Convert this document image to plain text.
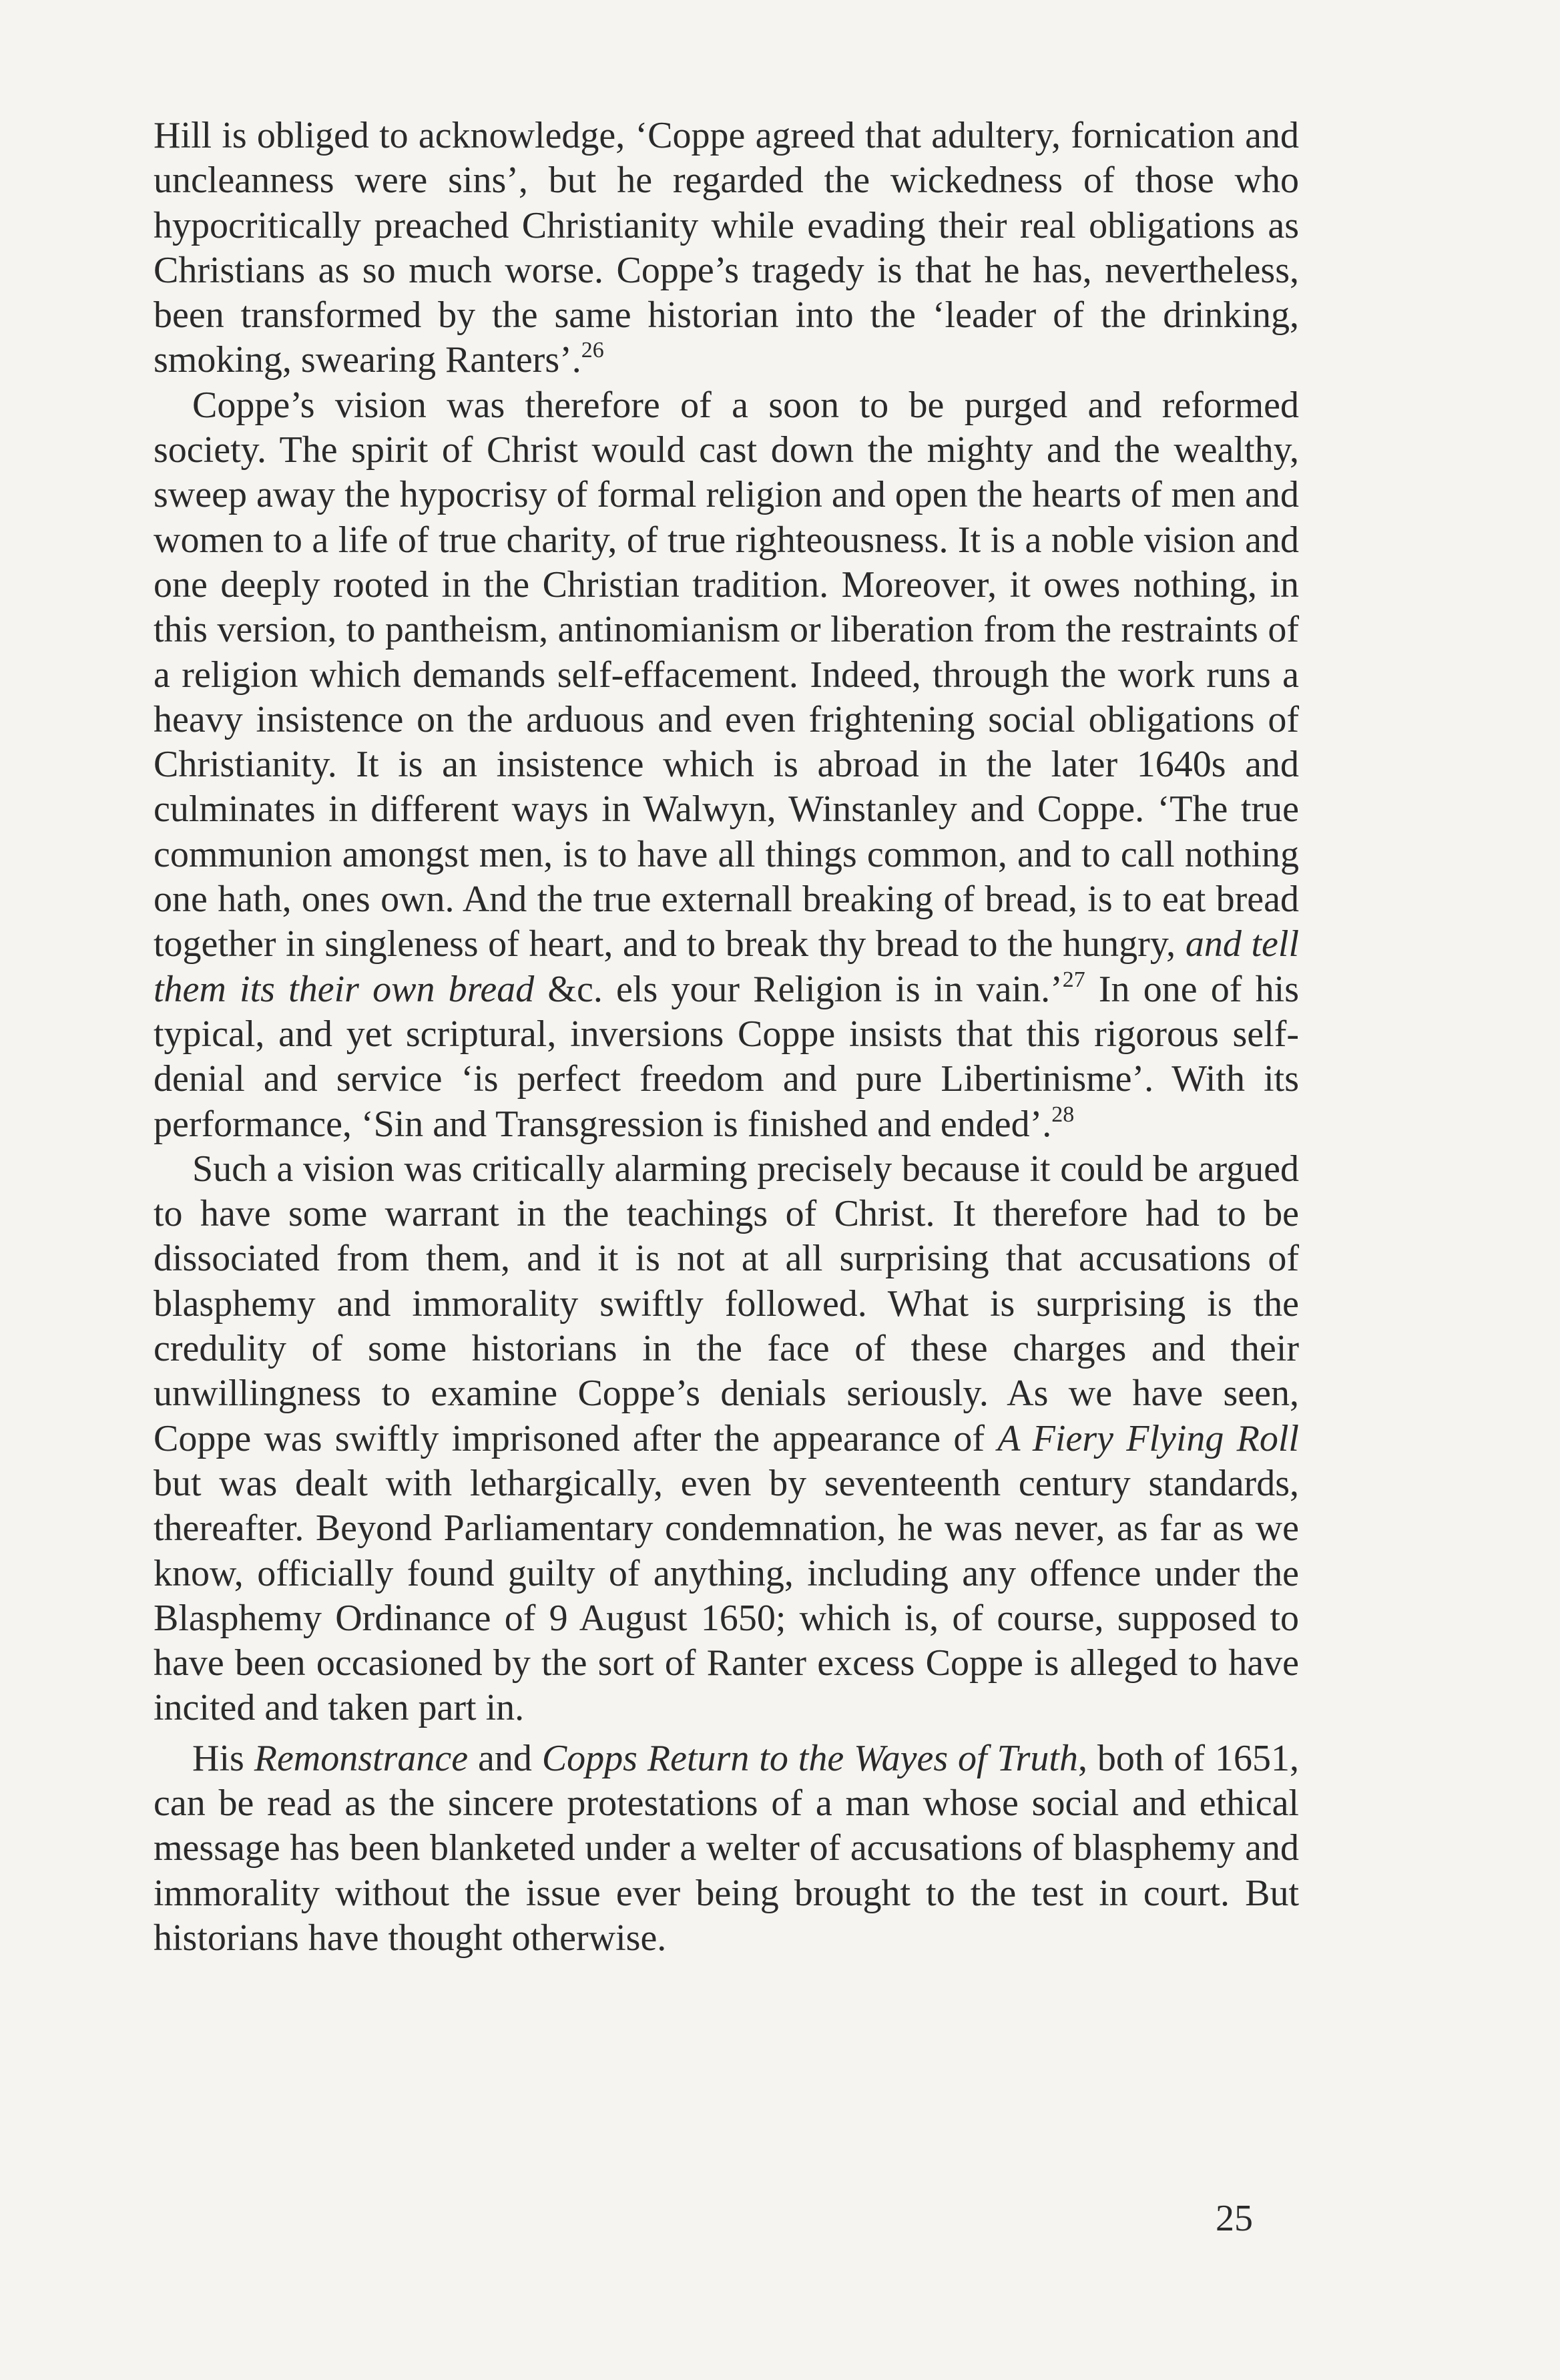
Hill is obliged to acknowledge, ‘Coppe agreed that adultery, fornication and uncleanness were sins’, but he regarded the wickedness of those who hypocritically preached Christianity while evading their real obligations as Christians as so much worse. Coppe’s tragedy is that he has, nevertheless, been transformed by the same historian into the ‘leader of the drinking, smoking, swearing Ranters’.$^{26}$

Coppe’s vision was therefore of a soon to be purged and reformed society. The spirit of Christ would cast down the mighty and the wealthy, sweep away the hypocrisy of formal religion and open the hearts of men and women to a life of true charity, of true righteousness. It is a noble vision and one deeply rooted in the Christian tradition. Moreover, it owes nothing, in this version, to pantheism, antinomianism or liberation from the restraints of a religion which demands self-effacement. Indeed, through the work runs a heavy insistence on the arduous and even frightening social obligations of Christianity. It is an insistence which is abroad in the later 1640s and culminates in different ways in Walwyn, Winstanley and Coppe. ‘The true communion amongst men, is to have all things common, and to call nothing one hath, ones own. And the true externall breaking of bread, is to eat bread together in singleness of heart, and to break thy bread to the hungry, and tell them its their own bread &c. els your Religion is in vain.’$^{27}$ In one of his typical, and yet scriptural, inversions Coppe insists that this rigorous self-denial and service ‘is perfect freedom and pure Libertinisme’. With its performance, ‘Sin and Transgression is finished and ended’.$^{28}$

Such a vision was critically alarming precisely because it could be argued to have some warrant in the teachings of Christ. It therefore had to be dissociated from them, and it is not at all surprising that accusations of blasphemy and immorality swiftly followed. What is surprising is the credulity of some historians in the face of these charges and their unwillingness to examine Coppe’s denials seriously. As we have seen, Coppe was swiftly imprisoned after the appearance of A Fiery Flying Roll but was dealt with lethargically, even by seventeenth century standards, thereafter. Beyond Parliamentary condemnation, he was never, as far as we know, officially found guilty of anything, including any offence under the Blasphemy Ordinance of 9 August 1650; which is, of course, supposed to have been occasioned by the sort of Ranter excess Coppe is alleged to have incited and taken part in.

His Remonstrance and Copps Return to the Wayes of Truth, both of 1651, can be read as the sincere protestations of a man whose social and ethical message has been blanketed under a welter of accusations of blasphemy and immorality without the issue ever being brought to the test in court. But historians have thought otherwise.

25
